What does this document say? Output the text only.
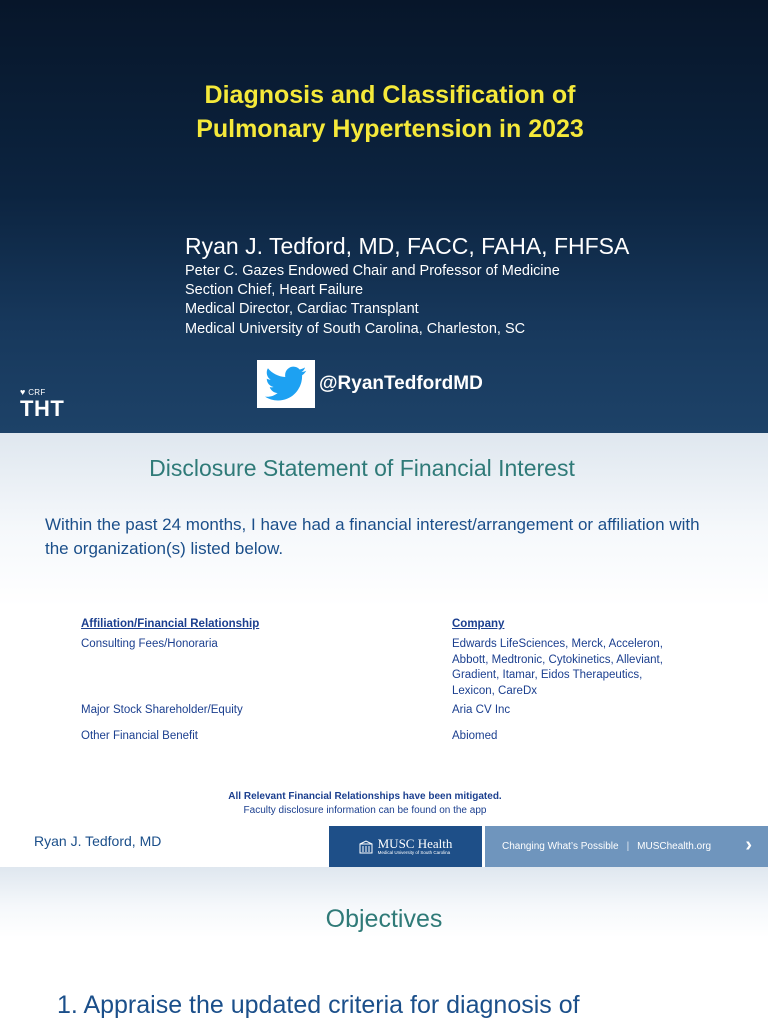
Diagnosis and Classification of
Pulmonary Hypertension in 2023
Ryan J. Tedford, MD, FACC, FAHA, FHFSA
Peter C. Gazes Endowed Chair and Professor of Medicine
Section Chief, Heart Failure
Medical Director, Cardiac Transplant
Medical University of South Carolina, Charleston, SC
@RyanTedfordMD
♥ CRF
THT
Disclosure Statement of Financial Interest
Within the past 24 months, I have had a financial interest/arrangement or affiliation with the organization(s) listed below.
Affiliation/Financial Relationship	Company
Consulting Fees/Honoraria	Edwards LifeSciences, Merck, Acceleron,
Abbott, Medtronic, Cytokinetics, Alleviant,
Gradient, Itamar, Eidos Therapeutics,
Lexicon, CareDx
Major Stock Shareholder/Equity	Aria CV Inc
Other Financial Benefit	Abiomed
All Relevant Financial Relationships have been mitigated.
Faculty disclosure information can be found on the app
Ryan J. Tedford, MD	MUSC Health
Medical University of South Carolina
Changing What’s Possible | MUSChealth.org ›
Objectives
1. Appraise the updated criteria for diagnosis of
